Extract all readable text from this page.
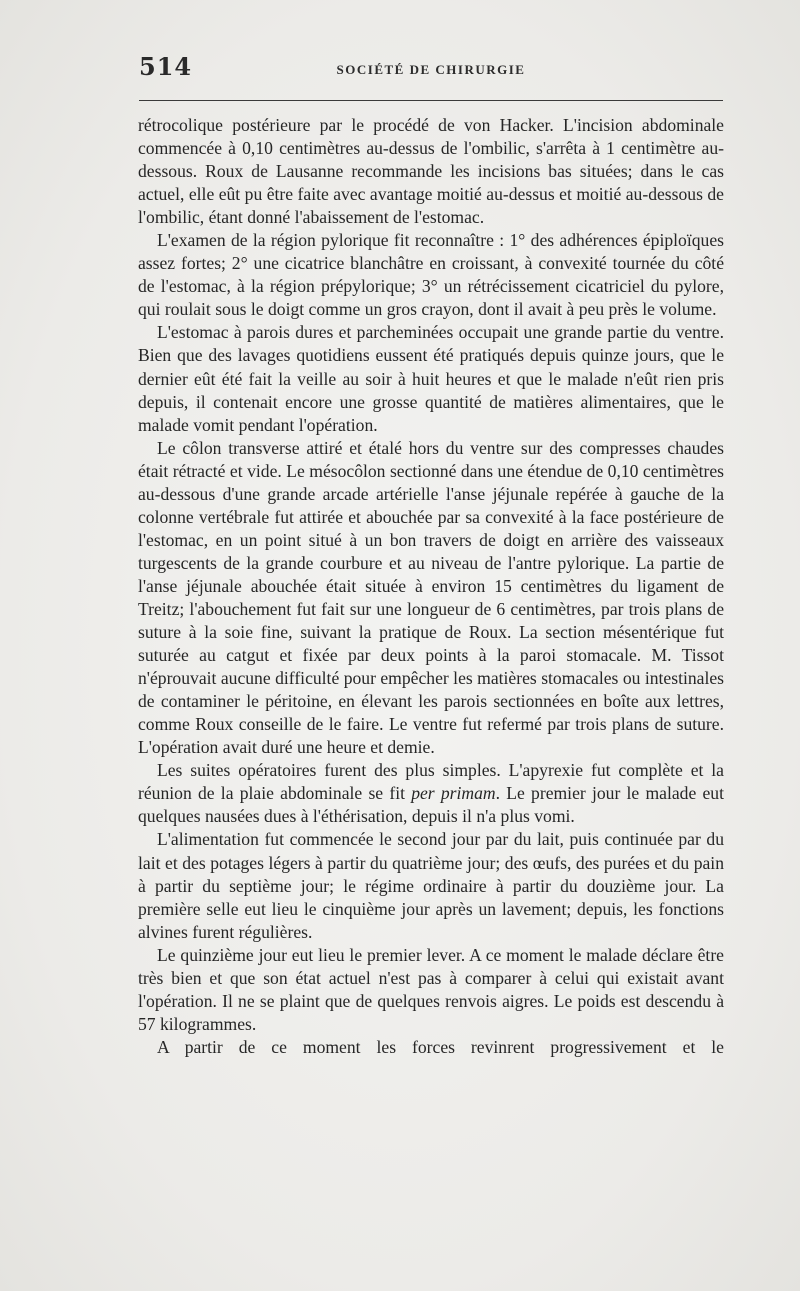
514	SOCIÉTÉ DE CHIRURGIE

rétrocolique postérieure par le procédé de von Hacker. L'incision abdominale commencée à 0,10 centimètres au-dessus de l'ombilic, s'arrêta à 1 centimètre au-dessous. Roux de Lausanne recommande les incisions bas situées; dans le cas actuel, elle eût pu être faite avec avantage moitié au-dessus et moitié au-dessous de l'ombilic, étant donné l'abaissement de l'estomac.

L'examen de la région pylorique fit reconnaître : 1° des adhérences épiploïques assez fortes; 2° une cicatrice blanchâtre en croissant, à convexité tournée du côté de l'estomac, à la région prépylorique; 3° un rétrécissement cicatriciel du pylore, qui roulait sous le doigt comme un gros crayon, dont il avait à peu près le volume.

L'estomac à parois dures et parcheminées occupait une grande partie du ventre. Bien que des lavages quotidiens eussent été pratiqués depuis quinze jours, que le dernier eût été fait la veille au soir à huit heures et que le malade n'eût rien pris depuis, il contenait encore une grosse quantité de matières alimentaires, que le malade vomit pendant l'opération.

Le côlon transverse attiré et étalé hors du ventre sur des compresses chaudes était rétracté et vide. Le mésocôlon sectionné dans une étendue de 0,10 centimètres au-dessous d'une grande arcade artérielle l'anse jéjunale repérée à gauche de la colonne vertébrale fut attirée et abouchée par sa convexité à la face postérieure de l'estomac, en un point situé à un bon travers de doigt en arrière des vaisseaux turgescents de la grande courbure et au niveau de l'antre pylorique. La partie de l'anse jéjunale abouchée était située à environ 15 centimètres du ligament de Treitz; l'abouchement fut fait sur une longueur de 6 centimètres, par trois plans de suture à la soie fine, suivant la pratique de Roux. La section mésentérique fut suturée au catgut et fixée par deux points à la paroi stomacale. M. Tissot n'éprouvait aucune difficulté pour empêcher les matières stomacales ou intestinales de contaminer le péritoine, en élevant les parois sectionnées en boîte aux lettres, comme Roux conseille de le faire. Le ventre fut refermé par trois plans de suture. L'opération avait duré une heure et demie.

Les suites opératoires furent des plus simples. L'apyrexie fut complète et la réunion de la plaie abdominale se fit per primam. Le premier jour le malade eut quelques nausées dues à l'éthérisation, depuis il n'a plus vomi.

L'alimentation fut commencée le second jour par du lait, puis continuée par du lait et des potages légers à partir du quatrième jour; des œufs, des purées et du pain à partir du septième jour; le régime ordinaire à partir du douzième jour. La première selle eut lieu le cinquième jour après un lavement; depuis, les fonctions alvines furent régulières.

Le quinzième jour eut lieu le premier lever. A ce moment le malade déclare être très bien et que son état actuel n'est pas à comparer à celui qui existait avant l'opération. Il ne se plaint que de quelques renvois aigres. Le poids est descendu à 57 kilogrammes.

A partir de ce moment les forces revinrent progressivement et le
